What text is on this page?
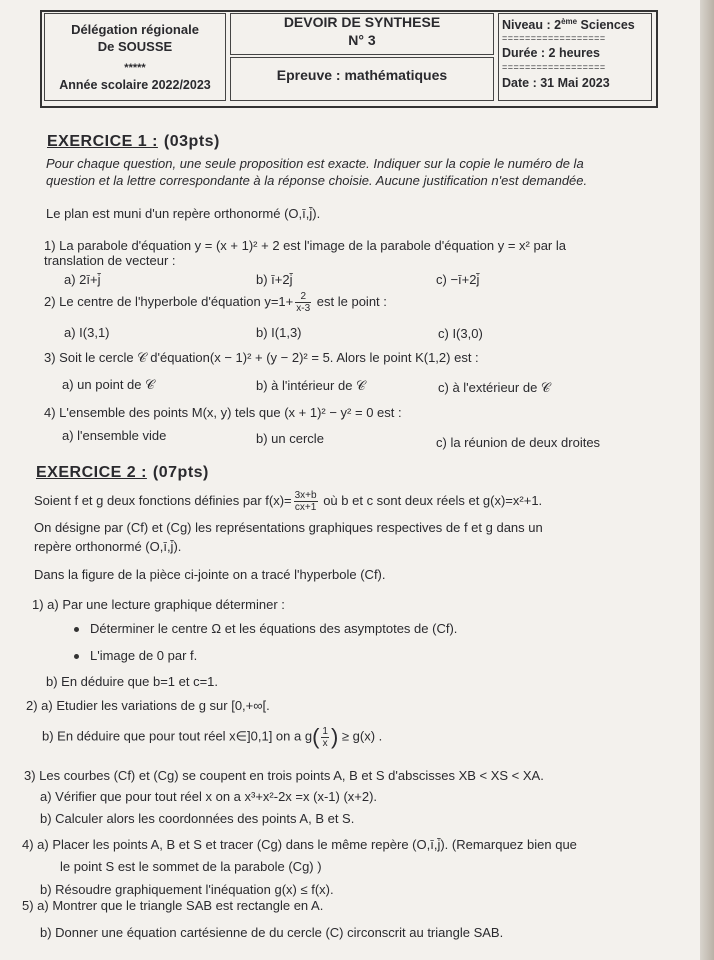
Délégation régionale
De SOUSSE
*****
Année scolaire 2022/2023
DEVOIR DE SYNTHESE
N° 3
Epreuve : mathématiques
Niveau : 2ème Sciences
==================
Durée : 2 heures
==================
Date : 31 Mai 2023
EXERCICE 1 : (03pts)
Pour chaque question, une seule proposition est exacte. Indiquer sur la copie le numéro de la
question et la lettre correspondante à la réponse choisie. Aucune justification n'est demandée.
Le plan est muni d'un repère orthonormé (O,ī,j̄).
1) La parabole d'équation y = (x + 1)² + 2 est l'image de la parabole d'équation y = x² par la
translation de vecteur :
a) 2ī+j̄	b) ī+2j̄	c) −ī+2j̄
2) Le centre de l'hyperbole d'équation $y=1+ \frac{2}{x-3}$ est le point :
a) I(3,1)	b) I(1,3)	c) I(3,0)
3) Soit le cercle 𝒞 d'équation(x − 1)² + (y − 2)² = 5. Alors le point K(1,2) est :
a) un point de 𝒞	b) à l'intérieur de 𝒞	c) à l'extérieur de 𝒞
4) L'ensemble des points M(x, y) tels que (x + 1)² − y² = 0 est :
a) l'ensemble vide	b) un cercle	c) la réunion de deux droites
EXERCICE 2 : (07pts)
Soient f et g deux fonctions définies par $f(x)= \frac{3x+b}{cx+1}$ où b et c sont deux réels et g(x)=x²+1.
On désigne par (Cf) et (Cg) les représentations graphiques respectives de f et g dans un
repère orthonormé (O,ī,j̄).
Dans la figure de la pièce ci-jointe on a tracé l'hyperbole (Cf).
1) a) Par une lecture graphique déterminer :
Déterminer le centre Ω et les équations des asymptotes de (Cf).
L'image de 0 par f.
b) En déduire que b=1 et c=1.
2) a) Etudier les variations de g sur [0,+∞[.
b) En déduire que pour tout réel x∈]0,1] on a $g( \frac{1}{x}$ ) ≥ g(x) .
3) Les courbes (Cf) et (Cg) se coupent en trois points A, B et S d'abscisses XB < XS < XA.
a) Vérifier que pour tout réel x on a x³+x²-2x =x (x-1) (x+2).
b) Calculer alors les coordonnées des points A, B et S.
4) a) Placer les points A, B et S et tracer (Cg) dans le même repère (O,ī,j̄). (Remarquez bien que
le point S est le sommet de la parabole (Cg) )
b) Résoudre graphiquement l'inéquation g(x) ≤ f(x).
5) a) Montrer que le triangle SAB est rectangle en A.
b) Donner une équation cartésienne de du cercle (C) circonscrit au triangle SAB.
